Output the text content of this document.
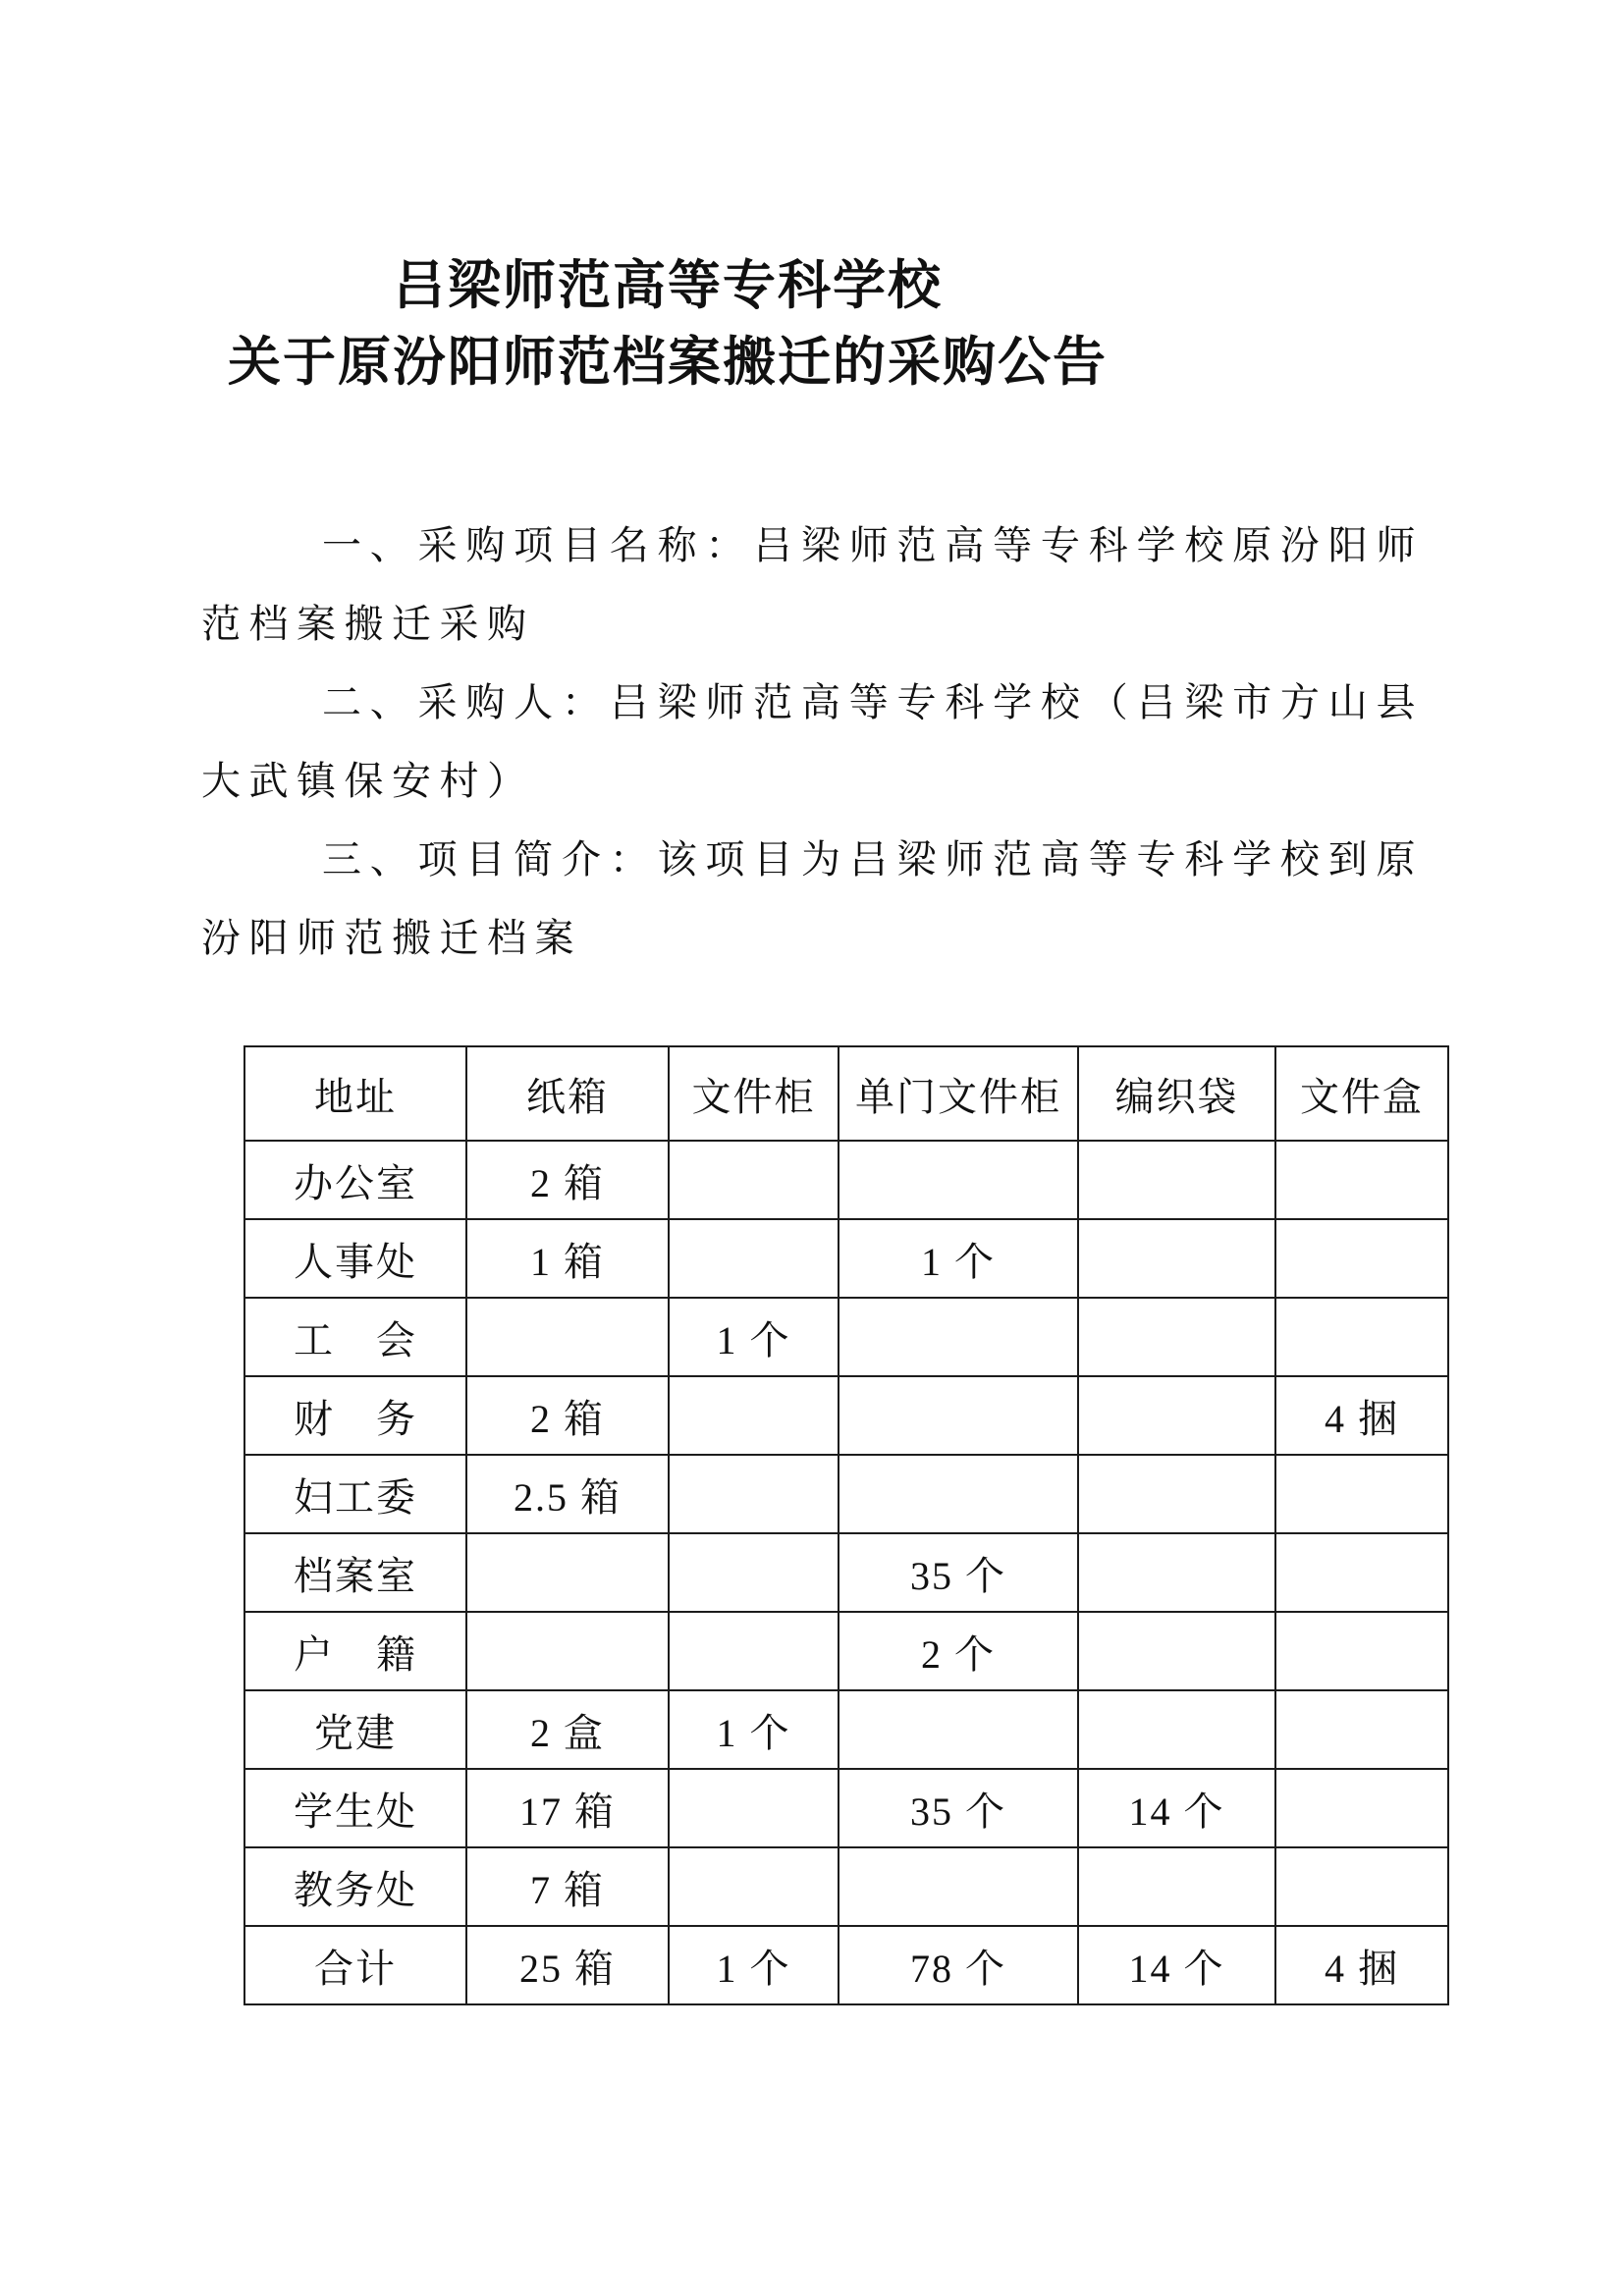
吕梁师范高等专科学校
关于原汾阳师范档案搬迁的采购公告

一、采购项目名称：吕梁师范高等专科学校原汾阳师范档案搬迁采购

二、采购人：吕梁师范高等专科学校（吕梁市方山县大武镇保安村）

三、项目简介：该项目为吕梁师范高等专科学校到原汾阳师范搬迁档案

地址	纸箱	文件柜	单门文件柜	编织袋	文件盒
办公室	2 箱				
人事处	1 箱		1 个		
工　会		1 个			
财　务	2 箱				4 捆
妇工委	2.5 箱				
档案室			35 个		
户　籍			2 个		
党建	2 盒	1 个			
学生处	17 箱		35 个	14 个	
教务处	7 箱				
合计	25 箱	1 个	78 个	14 个	4 捆
